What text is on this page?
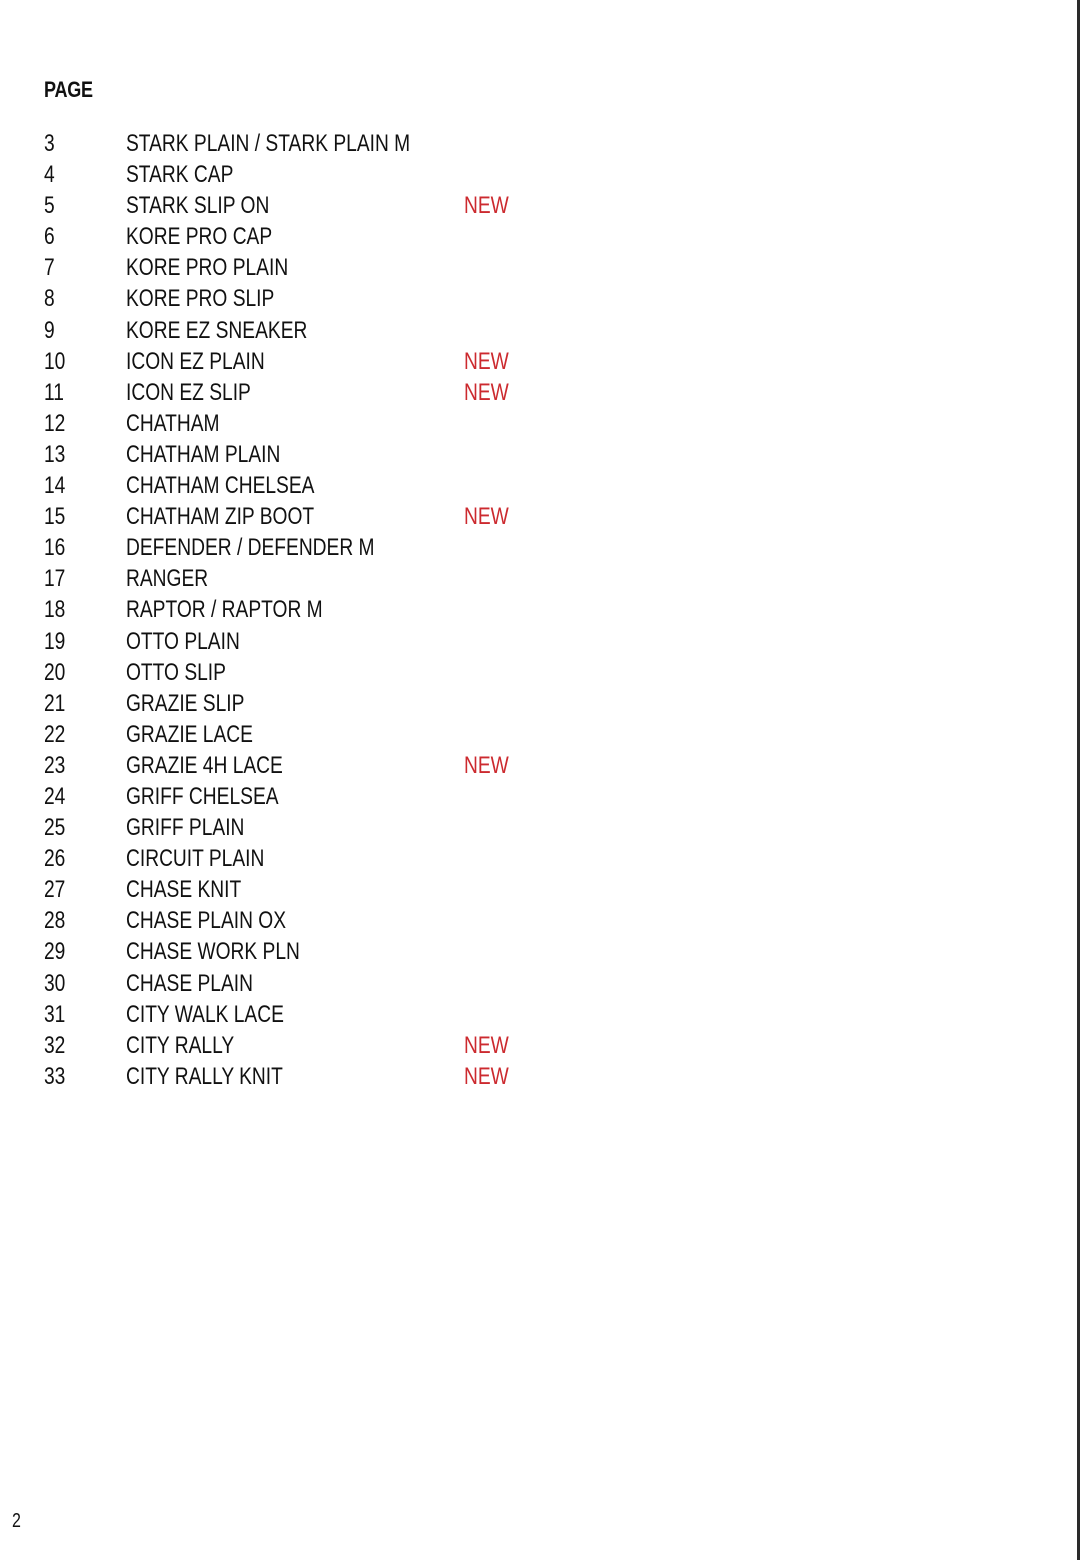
PAGE
3	STARK PLAIN / STARK PLAIN M
4	STARK CAP
5	STARK SLIP ON	NEW
6	KORE PRO CAP
7	KORE PRO PLAIN
8	KORE PRO SLIP
9	KORE EZ SNEAKER
10	ICON EZ PLAIN	NEW
11	ICON EZ SLIP	NEW
12	CHATHAM
13	CHATHAM PLAIN
14	CHATHAM CHELSEA
15	CHATHAM ZIP BOOT	NEW
16	DEFENDER / DEFENDER M
17	RANGER
18	RAPTOR / RAPTOR M
19	OTTO PLAIN
20	OTTO SLIP
21	GRAZIE SLIP
22	GRAZIE LACE
23	GRAZIE 4H LACE	NEW
24	GRIFF CHELSEA
25	GRIFF PLAIN
26	CIRCUIT PLAIN
27	CHASE KNIT
28	CHASE PLAIN OX
29	CHASE WORK PLN
30	CHASE PLAIN
31	CITY WALK LACE
32	CITY RALLY	NEW
33	CITY RALLY KNIT	NEW
2
